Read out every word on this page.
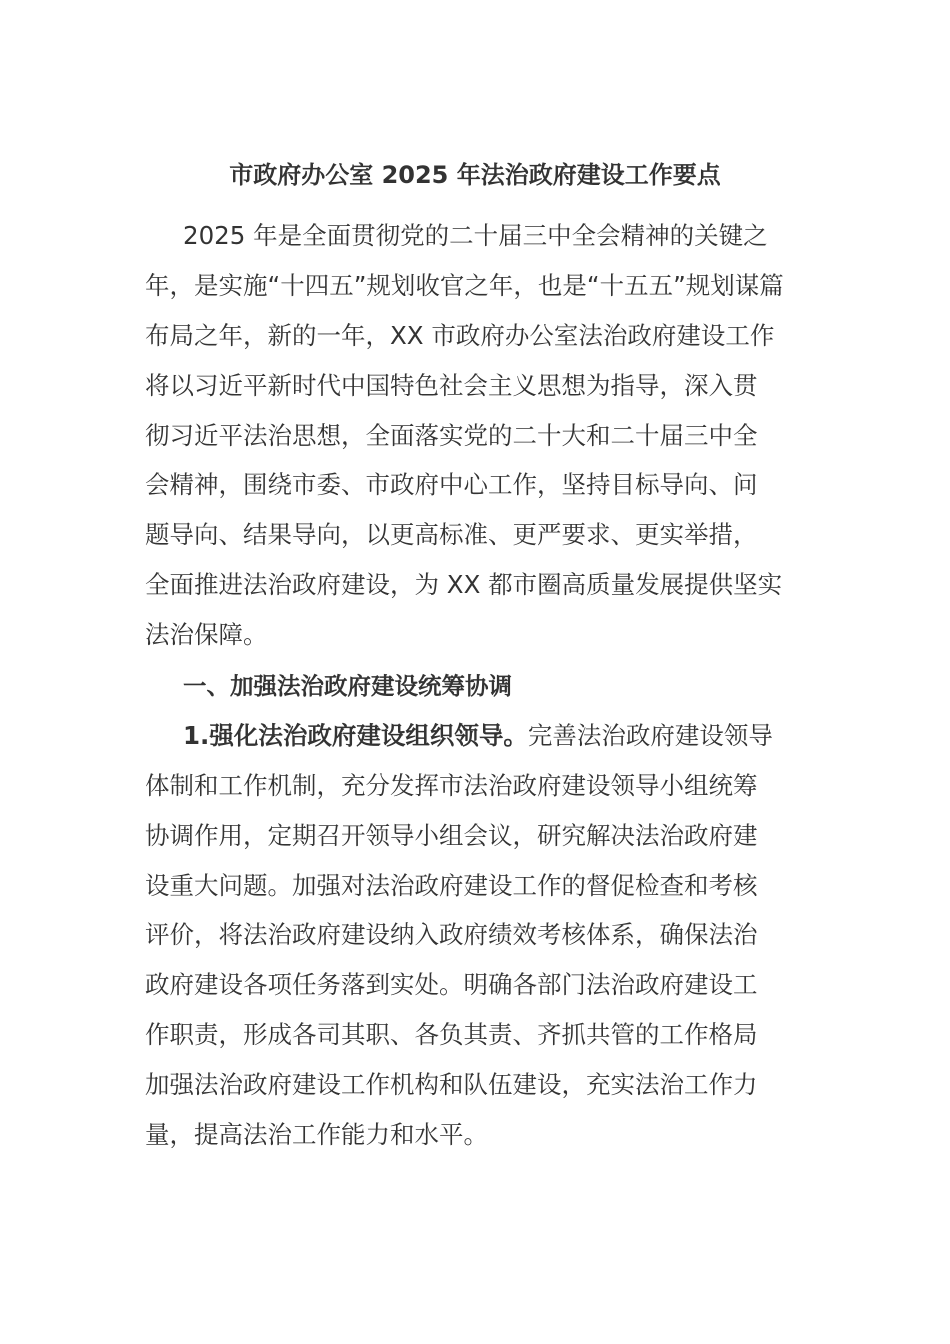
市政府办公室 2025 年法治政府建设工作要点
2025 年是全面贯彻党的二十届三中全会精神的关键之
年，是实施“十四五”规划收官之年，也是“十五五”规划谋篇
布局之年，新的一年，XX 市政府办公室法治政府建设工作
将以习近平新时代中国特色社会主义思想为指导，深入贯
彻习近平法治思想，全面落实党的二十大和二十届三中全
会精神，围绕市委、市政府中心工作，坚持目标导向、问
题导向、结果导向，以更高标准、更严要求、更实举措，
全面推进法治政府建设，为 XX 都市圈高质量发展提供坚实
法治保障。
一、加强法治政府建设统筹协调
1.强化法治政府建设组织领导。完善法治政府建设领导
体制和工作机制，充分发挥市法治政府建设领导小组统筹
协调作用，定期召开领导小组会议，研究解决法治政府建
设重大问题。加强对法治政府建设工作的督促检查和考核
评价，将法治政府建设纳入政府绩效考核体系，确保法治
政府建设各项任务落到实处。明确各部门法治政府建设工
作职责，形成各司其职、各负其责、齐抓共管的工作格局
加强法治政府建设工作机构和队伍建设，充实法治工作力
量，提高法治工作能力和水平。
